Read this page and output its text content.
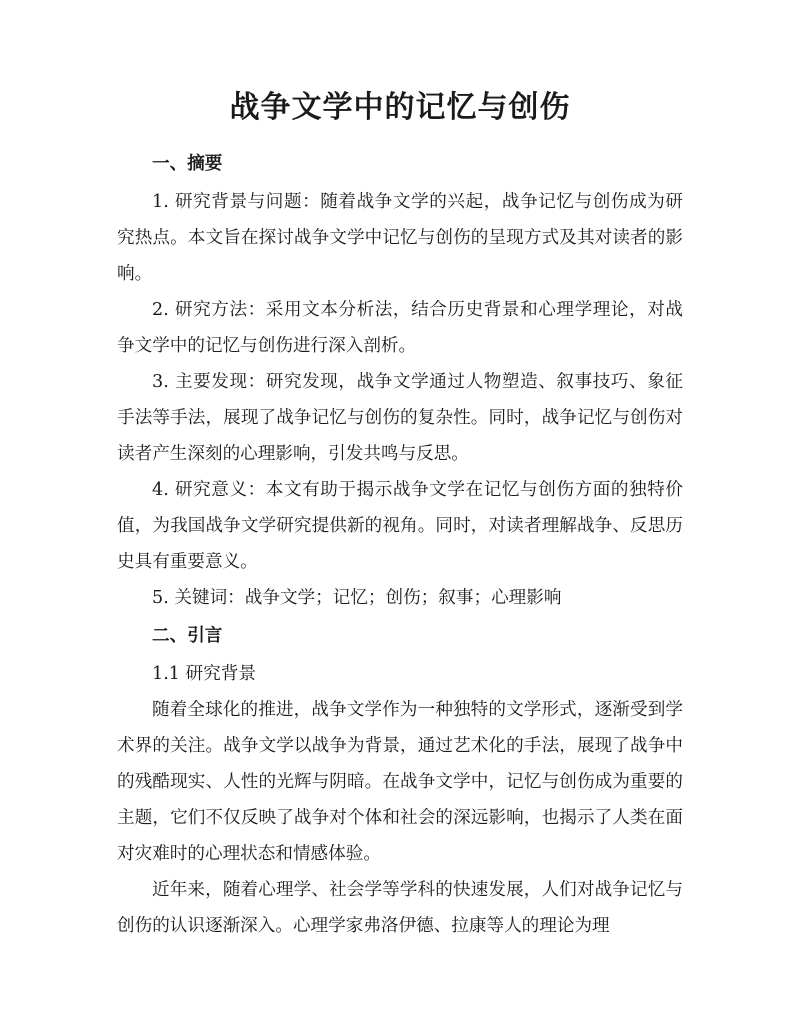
战争文学中的记忆与创伤

一、摘要

1. 研究背景与问题：随着战争文学的兴起，战争记忆与创伤成为研究热点。本文旨在探讨战争文学中记忆与创伤的呈现方式及其对读者的影响。

2. 研究方法：采用文本分析法，结合历史背景和心理学理论，对战争文学中的记忆与创伤进行深入剖析。

3. 主要发现：研究发现，战争文学通过人物塑造、叙事技巧、象征手法等手法，展现了战争记忆与创伤的复杂性。同时，战争记忆与创伤对读者产生深刻的心理影响，引发共鸣与反思。

4. 研究意义：本文有助于揭示战争文学在记忆与创伤方面的独特价值，为我国战争文学研究提供新的视角。同时，对读者理解战争、反思历史具有重要意义。

5. 关键词：战争文学；记忆；创伤；叙事；心理影响

二、引言

1.1 研究背景

随着全球化的推进，战争文学作为一种独特的文学形式，逐渐受到学术界的关注。战争文学以战争为背景，通过艺术化的手法，展现了战争中的残酷现实、人性的光辉与阴暗。在战争文学中，记忆与创伤成为重要的主题，它们不仅反映了战争对个体和社会的深远影响，也揭示了人类在面对灾难时的心理状态和情感体验。

近年来，随着心理学、社会学等学科的快速发展，人们对战争记忆与创伤的认识逐渐深入。心理学家弗洛伊德、拉康等人的理论为理
